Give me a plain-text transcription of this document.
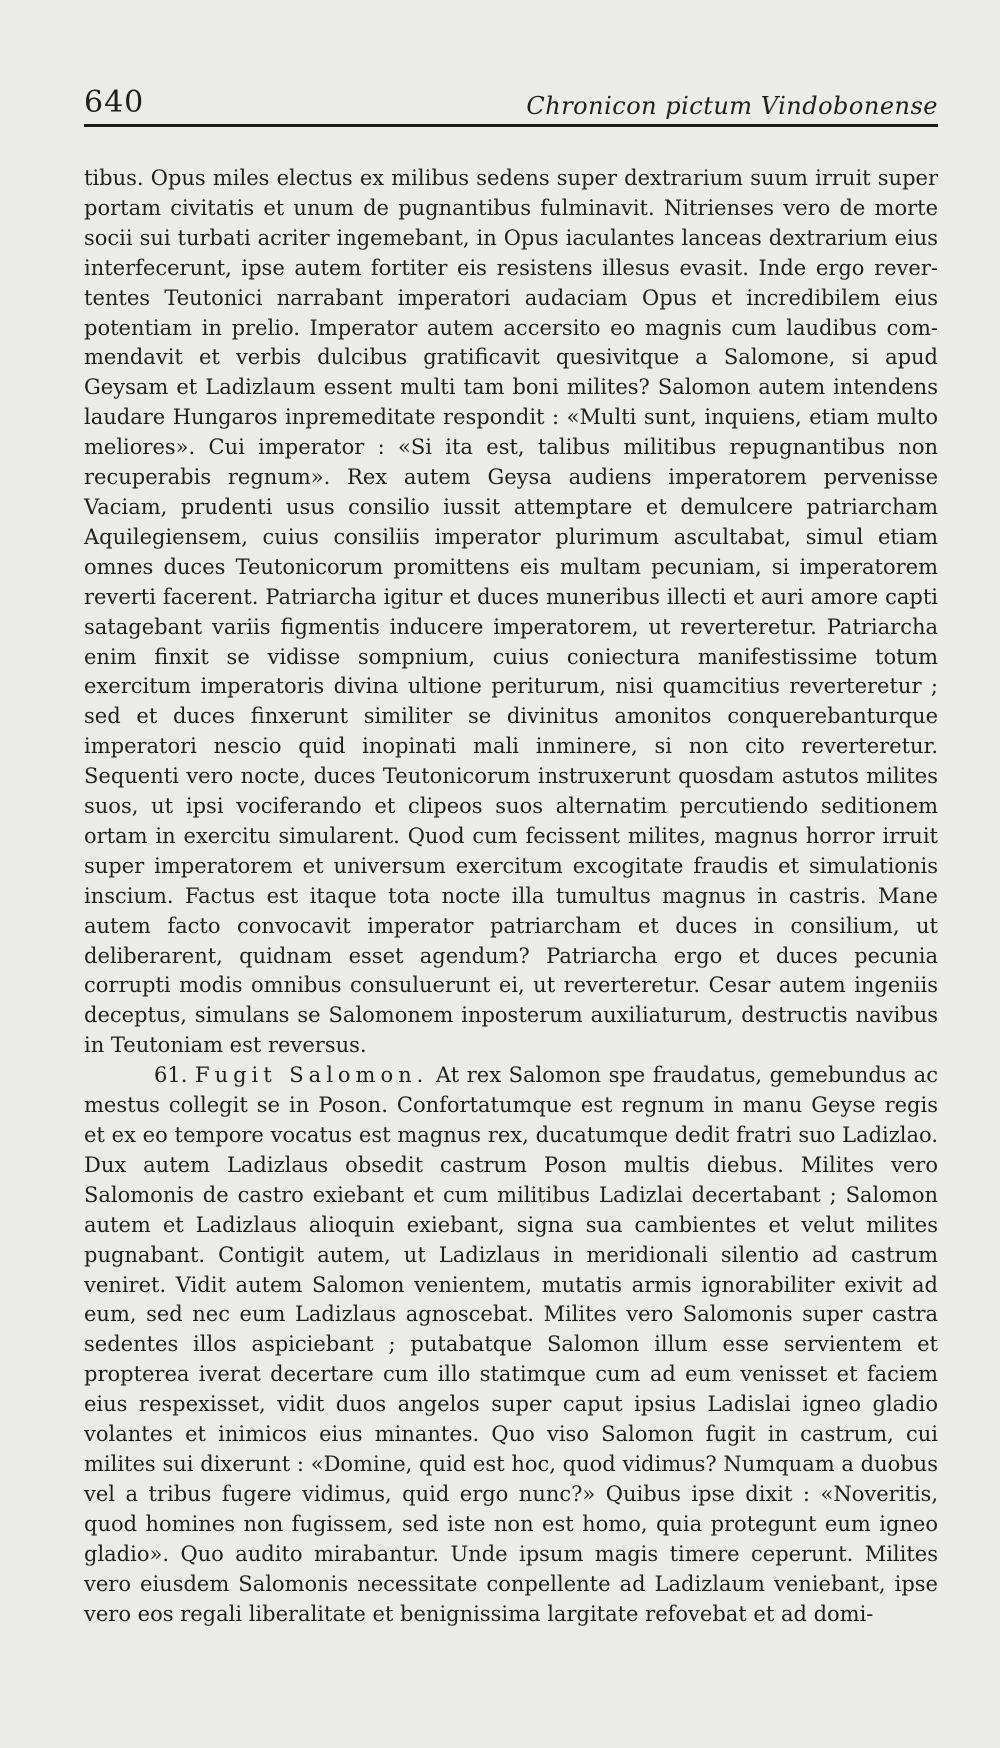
640	Chronicon pictum Vindobonense

tibus. Opus miles electus ex milibus sedens super dextrarium suum irruit super portam civitatis et unum de pugnantibus fulminavit. Nitrienses vero de morte socii sui turbati acriter ingemebant, in Opus iaculantes lanceas dextrarium eius interfecerunt, ipse autem fortiter eis resistens illesus evasit. Inde ergo revertentes Teutonici narrabant imperatori audaciam Opus et incredibilem eius potentiam in prelio. Imperator autem accersito eo magnis cum laudibus commendavit et verbis dulcibus gratificavit quesivitque a Salomone, si apud Geysam et Ladizlaum essent multi tam boni milites? Salomon autem intendens laudare Hungaros inpremeditate respondit : «Multi sunt, inquiens, etiam multo meliores». Cui imperator : «Si ita est, talibus militibus repugnantibus non recuperabis regnum». Rex autem Geysa audiens imperatorem pervenisse Vaciam, prudenti usus consilio iussit attemptare et demulcere patriarcham Aquilegiensem, cuius consiliis imperator plurimum ascultabat, simul etiam omnes duces Teutonicorum promittens eis multam pecuniam, si imperatorem reverti facerent. Patriarcha igitur et duces muneribus illecti et auri amore capti satagebant variis figmentis inducere imperatorem, ut reverteretur. Patriarcha enim finxit se vidisse sompnium, cuius coniectura manifestissime totum exercitum imperatoris divina ultione periturum, nisi quamcitius reverteretur ; sed et duces finxerunt similiter se divinitus amonitos conquerebanturque imperatori nescio quid inopinati mali inminere, si non cito reverteretur. Sequenti vero nocte, duces Teutonicorum instruxerunt quosdam astutos milites suos, ut ipsi vociferando et clipeos suos alternatim percutiendo seditionem ortam in exercitu simularent. Quod cum fecissent milites, magnus horror irruit super imperatorem et universum exercitum excogitate fraudis et simulationis inscium. Factus est itaque tota nocte illa tumultus magnus in castris. Mane autem facto convocavit imperator patriarcham et duces in consilium, ut deliberarent, quidnam esset agendum? Patriarcha ergo et duces pecunia corrupti modis omnibus consuluerunt ei, ut reverteretur. Cesar autem ingeniis deceptus, simulans se Salomonem inposterum auxiliaturum, destructis navibus in Teutoniam est reversus.

61. Fugit Salomon. At rex Salomon spe fraudatus, gemebundus ac mestus collegit se in Poson. Confortatumque est regnum in manu Geyse regis et ex eo tempore vocatus est magnus rex, ducatumque dedit fratri suo Ladizlao. Dux autem Ladizlaus obsedit castrum Poson multis diebus. Milites vero Salomonis de castro exiebant et cum militibus Ladizlai decertabant ; Salomon autem et Ladizlaus alioquin exiebant, signa sua cambientes et velut milites pugnabant. Contigit autem, ut Ladizlaus in meridionali silentio ad castrum veniret. Vidit autem Salomon venientem, mutatis armis ignorabiliter exivit ad eum, sed nec eum Ladizlaus agnoscebat. Milites vero Salomonis super castra sedentes illos aspiciebant ; putabatque Salomon illum esse servientem et propterea iverat decertare cum illo statimque cum ad eum venisset et faciem eius respexisset, vidit duos angelos super caput ipsius Ladislai igneo gladio volantes et inimicos eius minantes. Quo viso Salomon fugit in castrum, cui milites sui dixerunt : «Domine, quid est hoc, quod vidimus? Numquam a duobus vel a tribus fugere vidimus, quid ergo nunc?» Quibus ipse dixit : «Noveritis, quod homines non fugissem, sed iste non est homo, quia protegunt eum igneo gladio». Quo audito mirabantur. Unde ipsum magis timere ceperunt. Milites vero eiusdem Salomonis necessitate conpellente ad Ladizlaum veniebant, ipse vero eos regali liberalitate et benignissima largitate refovebat et ad domi-
